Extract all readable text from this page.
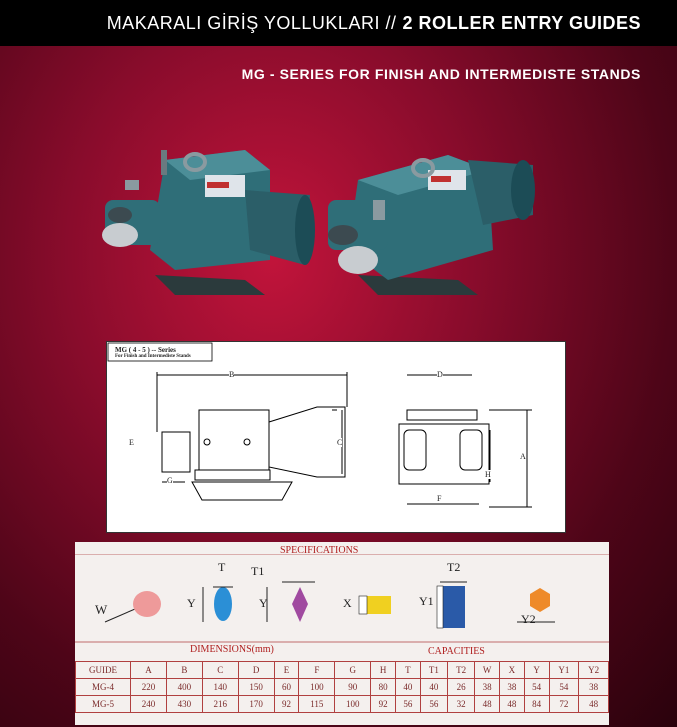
MAKARALI GİRİŞ YOLLUKLARI // 2 ROLLER ENTRY GUIDES
MG - SERIES FOR FINISH AND INTERMEDISTE STANDS
MG ( 4 - 5 ) -- Series
For Finish and Intermediste Stands
B	D
E	C
G
A
H
F
SPECIFICATIONS
W	Y
T T1
Y	X
T2
Y1
Y2
DIMENSIONS(mm)	CAPACITIES
GUIDE	A	B	C	D	E	F	G	H	T	T1	T2	W	X	Y	Y1	Y2
MG-4	220	400	140	150	60	100	90	80	40	40	26	38	38	54	54	38
MG-5	240	430	216	170	92	115	100	92	56	56	32	48	48	84	72	48
